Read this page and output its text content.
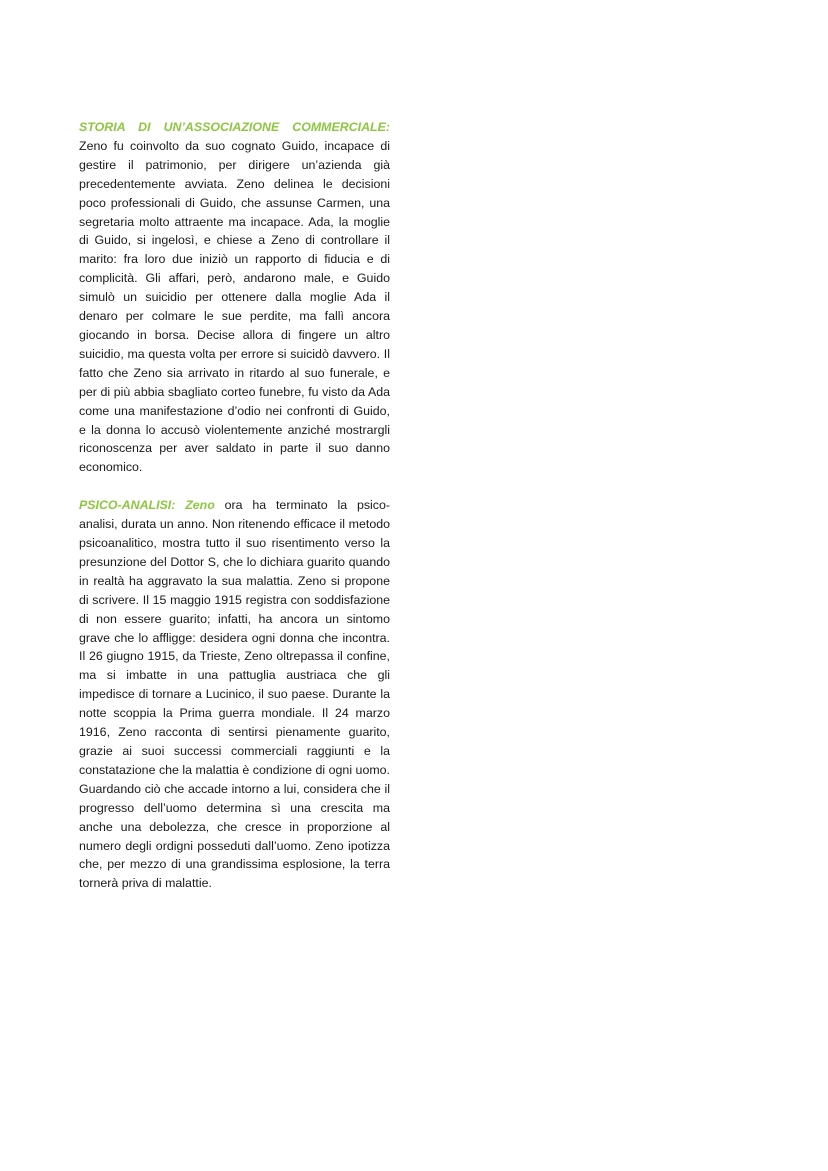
STORIA DI UN’ASSOCIAZIONE COMMERCIALE: Zeno fu coinvolto da suo cognato Guido, incapace di gestire il patrimonio, per dirigere un’azienda già precedentemente avviata. Zeno delinea le decisioni poco professionali di Guido, che assunse Carmen, una segretaria molto attraente ma incapace. Ada, la moglie di Guido, si ingelosì, e chiese a Zeno di controllare il marito: fra loro due iniziò un rapporto di fiducia e di complicità. Gli affari, però, andarono male, e Guido simulò un suicidio per ottenere dalla moglie Ada il denaro per colmare le sue perdite, ma fallì ancora giocando in borsa. Decise allora di fingere un altro suicidio, ma questa volta per errore si suicidò davvero. Il fatto che Zeno sia arrivato in ritardo al suo funerale, e per di più abbia sbagliato corteo funebre, fu visto da Ada come una manifestazione d’odio nei confronti di Guido, e la donna lo accusò violentemente anziché mostrargli riconoscenza per aver saldato in parte il suo danno economico.

PSICO-ANALISI: Zeno ora ha terminato la psico-analisi, durata un anno. Non ritenendo efficace il metodo psicoanalitico, mostra tutto il suo risentimento verso la presunzione del Dottor S, che lo dichiara guarito quando in realtà ha aggravato la sua malattia. Zeno si propone di scrivere. Il 15 maggio 1915 registra con soddisfazione di non essere guarito; infatti, ha ancora un sintomo grave che lo affligge: desidera ogni donna che incontra. Il 26 giugno 1915, da Trieste, Zeno oltrepassa il confine, ma si imbatte in una pattuglia austriaca che gli impedisce di tornare a Lucinico, il suo paese. Durante la notte scoppia la Prima guerra mondiale. Il 24 marzo 1916, Zeno racconta di sentirsi pienamente guarito, grazie ai suoi successi commerciali raggiunti e la constatazione che la malattia è condizione di ogni uomo. Guardando ciò che accade intorno a lui, considera che il progresso dell’uomo determina sì una crescita ma anche una debolezza, che cresce in proporzione al numero degli ordigni posseduti dall’uomo. Zeno ipotizza che, per mezzo di una grandissima esplosione, la terra tornerà priva di malattie.
